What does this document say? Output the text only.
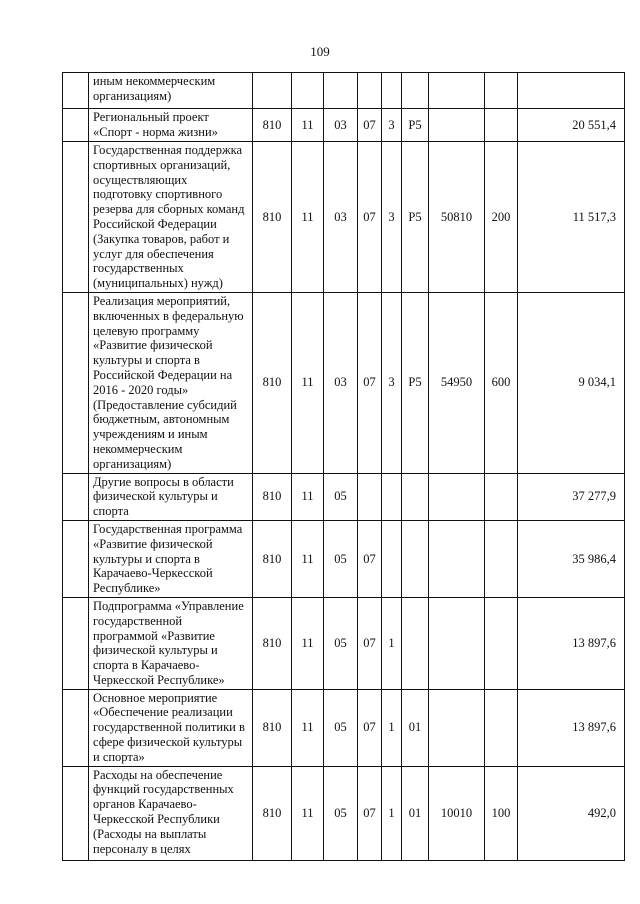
109
	иным некоммерческим организациям)									
	Региональный проект «Спорт - норма жизни»	810	11	03	07	3	P5			20 551,4
	Государственная поддержка спортивных организаций, осуществляющих подготовку спортивного резерва для сборных команд Российской Федерации (Закупка товаров, работ и услуг для обеспечения государственных (муниципальных) нужд)	810	11	03	07	3	P5	50810	200	11 517,3
	Реализация мероприятий, включенных в федеральную целевую программу «Развитие физической культуры и спорта в Российской Федерации на 2016 - 2020 годы» (Предоставление субсидий бюджетным, автономным учреждениям и иным некоммерческим организациям)	810	11	03	07	3	P5	54950	600	9 034,1
	Другие вопросы в области физической культуры и спорта	810	11	05						37 277,9
	Государственная программа «Развитие физической культуры и спорта в Карачаево-Черкесской Республике»	810	11	05	07					35 986,4
	Подпрограмма «Управление государственной программой «Развитие физической культуры и спорта в Карачаево-Черкесской Республике»	810	11	05	07	1				13 897,6
	Основное мероприятие «Обеспечение реализации государственной политики в сфере физической культуры и спорта»	810	11	05	07	1	01			13 897,6
	Расходы на обеспечение функций государственных органов Карачаево-Черкесской Республики (Расходы на выплаты персоналу в целях	810	11	05	07	1	01	10010	100	492,0
